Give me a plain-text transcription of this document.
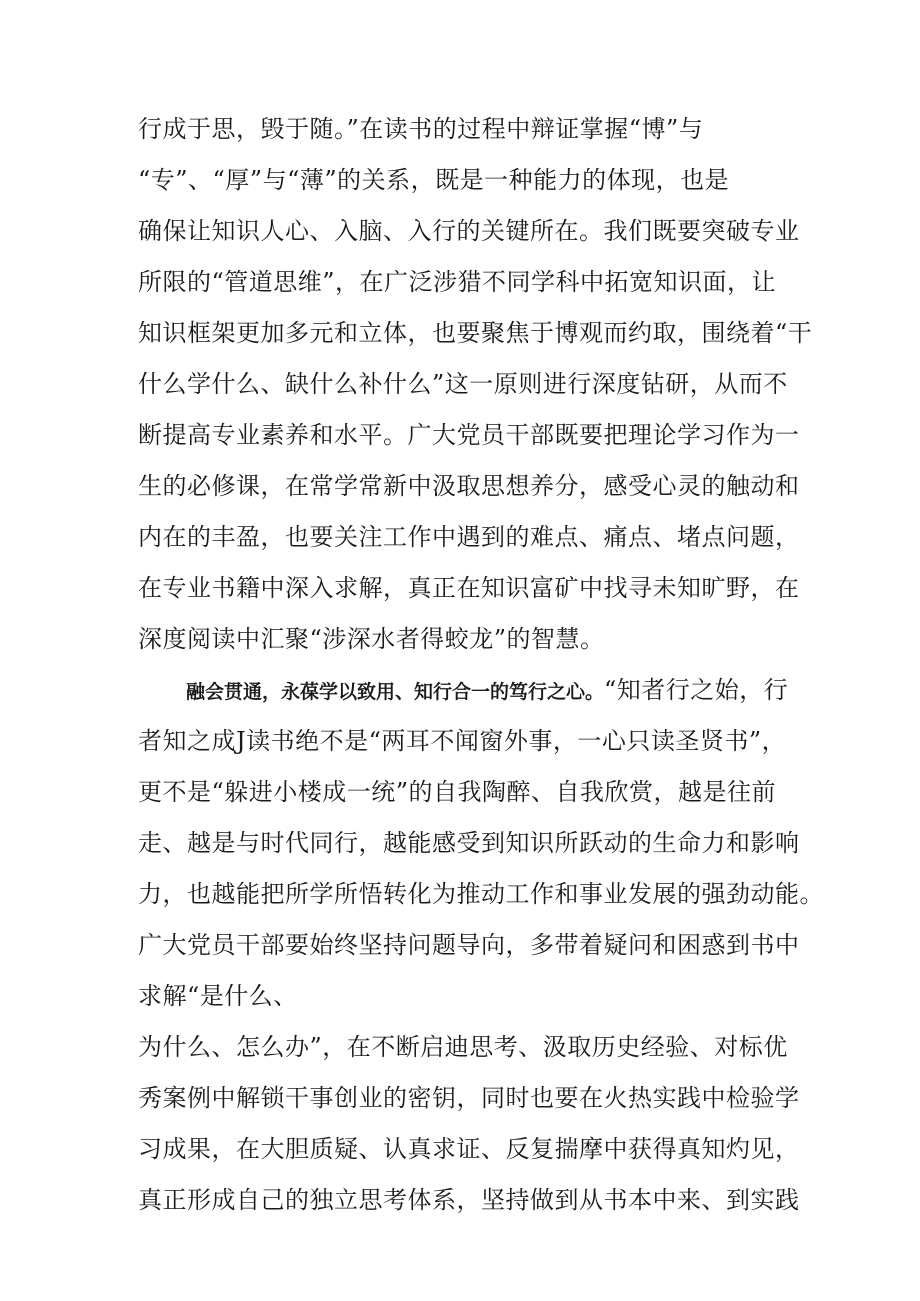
行成于思，毁于随。”在读书的过程中辩证掌握“博”与
“专”、“厚”与“薄”的关系，既是一种能力的体现，也是
确保让知识人心、入脑、入行的关键所在。我们既要突破专业
所限的“管道思维”，在广泛涉猎不同学科中拓宽知识面，让
知识框架更加多元和立体，也要聚焦于博观而约取，围绕着“干
什么学什么、缺什么补什么”这一原则进行深度钻研，从而不
断提高专业素养和水平。广大党员干部既要把理论学习作为一
生的必修课，在常学常新中汲取思想养分，感受心灵的触动和
内在的丰盈，也要关注工作中遇到的难点、痛点、堵点问题，
在专业书籍中深入求解，真正在知识富矿中找寻未知旷野，在
深度阅读中汇聚“涉深水者得蛟龙”的智慧。
融会贯通，永葆学以致用、知行合一的笃行之心。“知者行之始，行
者知之成J读书绝不是“两耳不闻窗外事，一心只读圣贤书”，
更不是“躲进小楼成一统”的自我陶醉、自我欣赏，越是往前
走、越是与时代同行，越能感受到知识所跃动的生命力和影响
力，也越能把所学所悟转化为推动工作和事业发展的强劲动能。
广大党员干部要始终坚持问题导向，多带着疑问和困惑到书中
求解“是什么、
为什么、怎么办”，在不断启迪思考、汲取历史经验、对标优
秀案例中解锁干事创业的密钥，同时也要在火热实践中检验学
习成果，在大胆质疑、认真求证、反复揣摩中获得真知灼见，
真正形成自己的独立思考体系，坚持做到从书本中来、到实践
